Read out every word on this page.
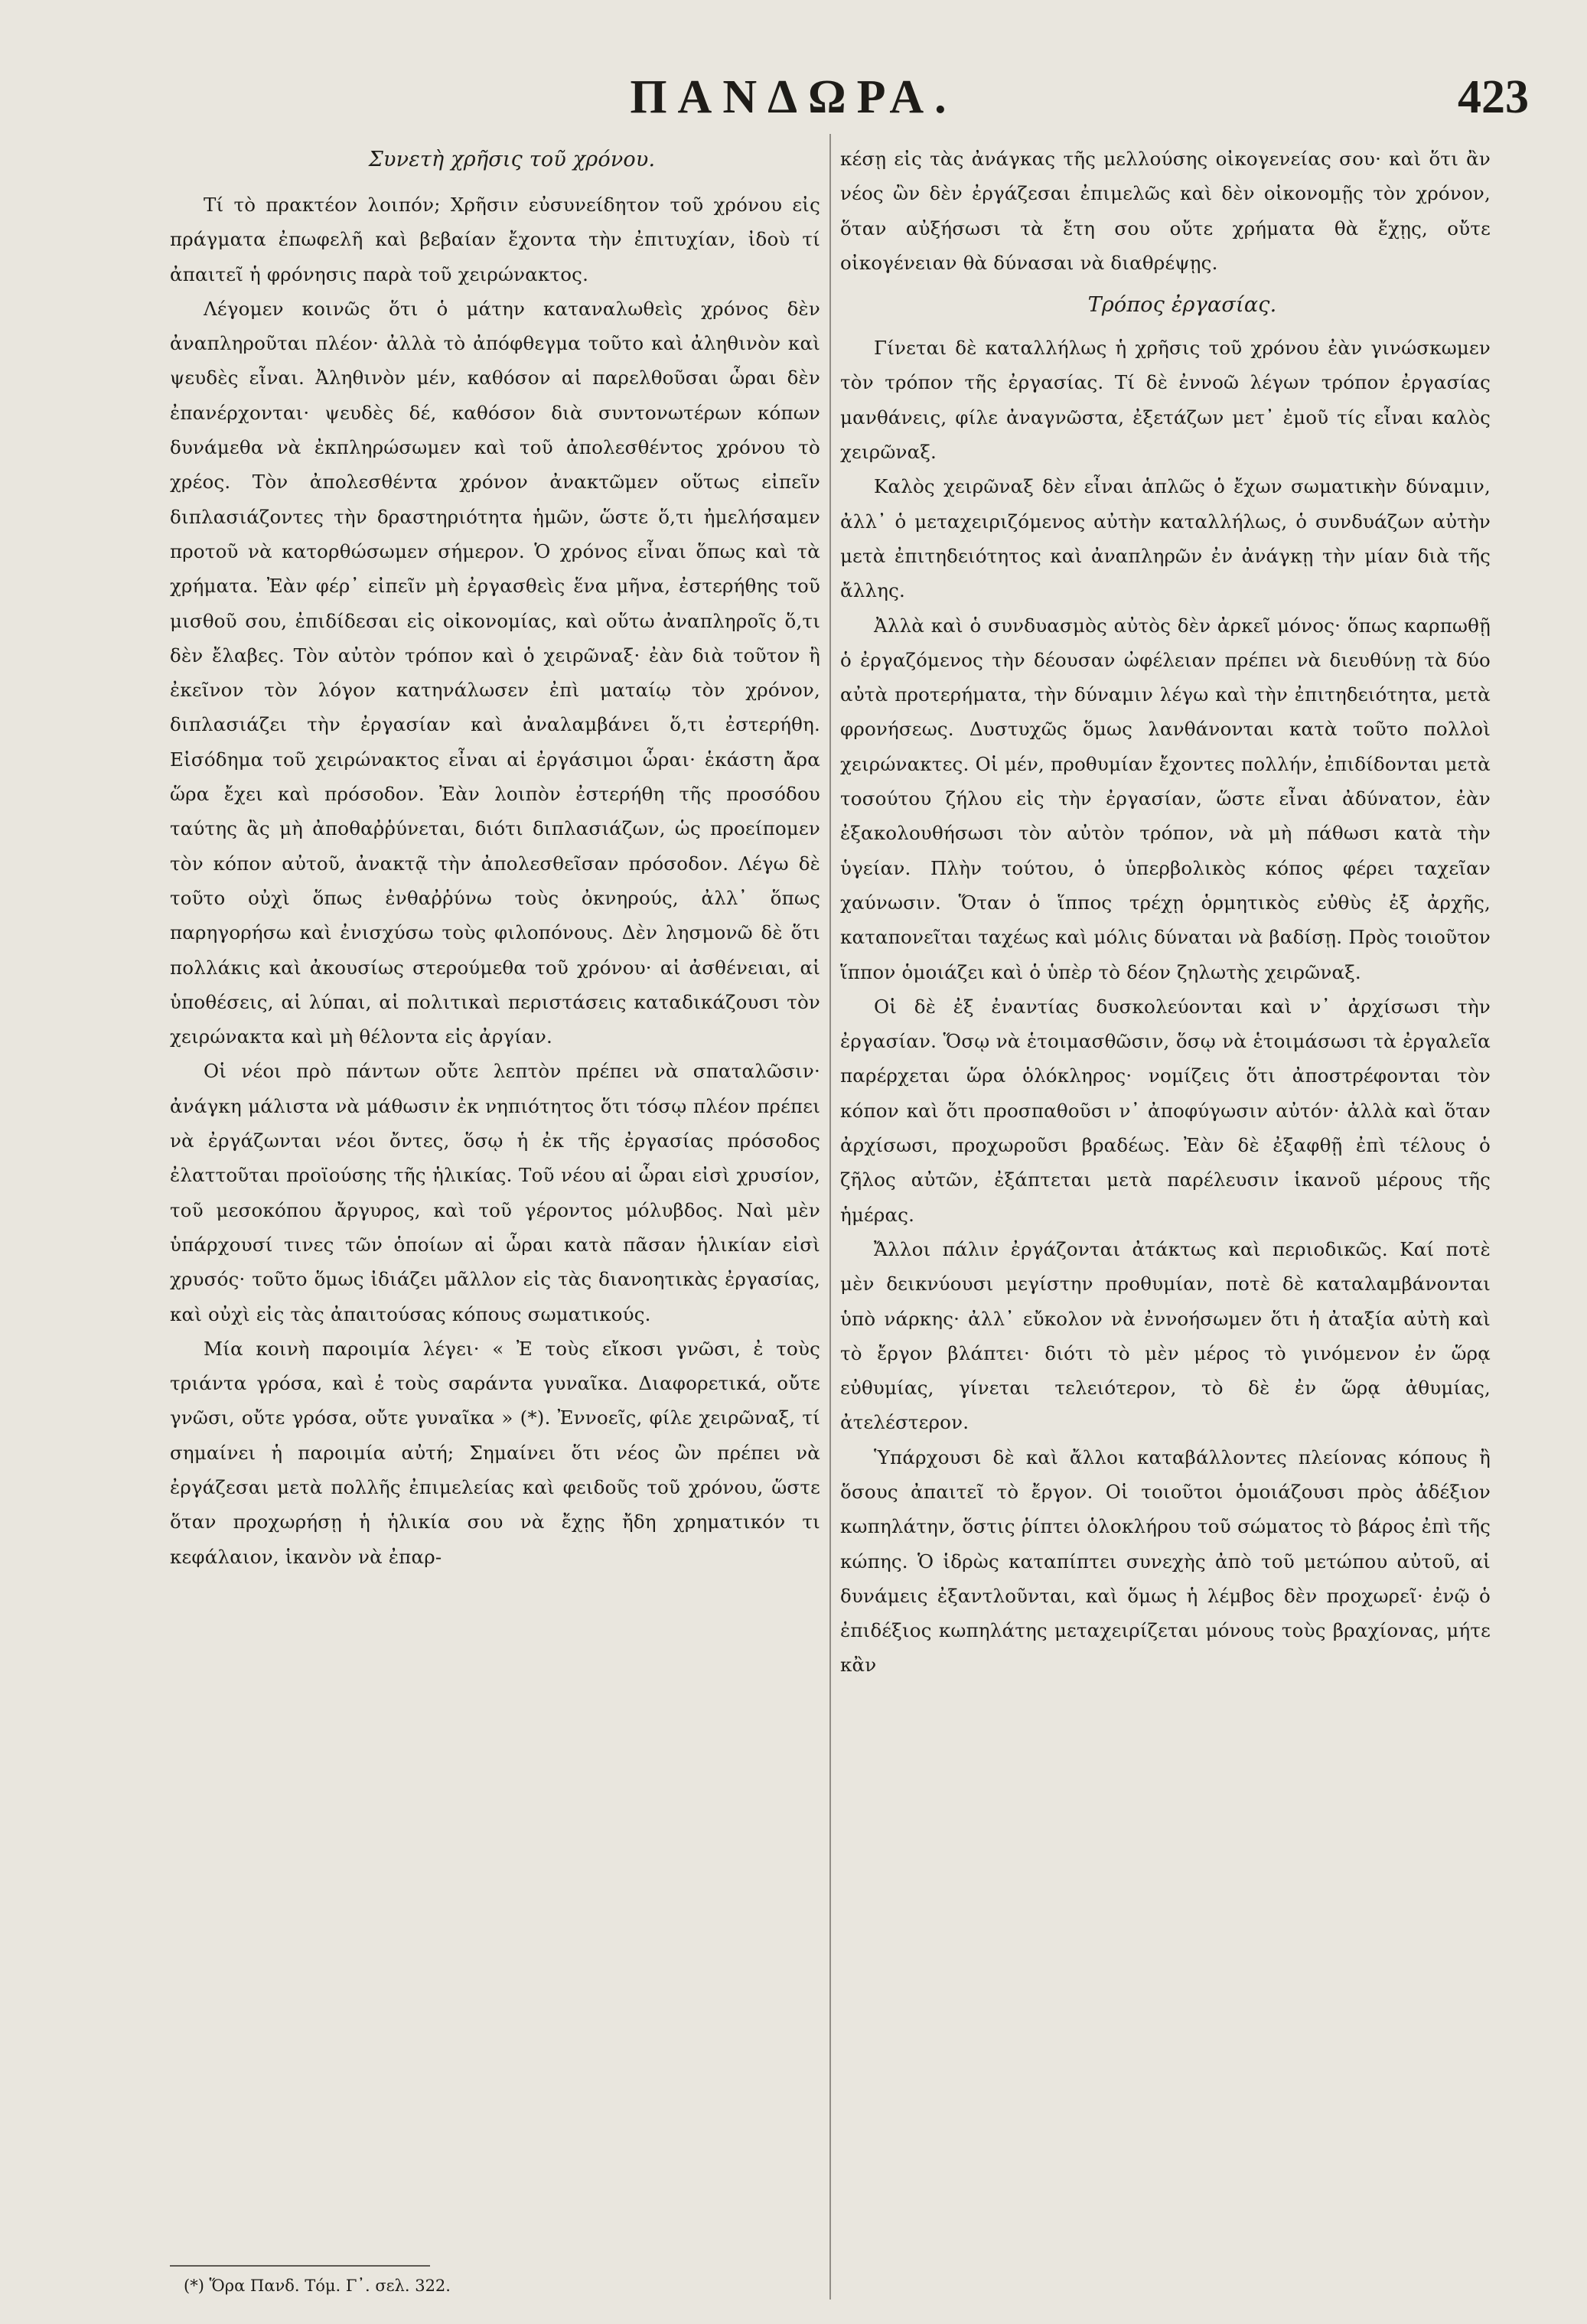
ΠΑΝΔΩΡΑ.	423

Συνετὴ χρῆσις τοῦ χρόνου.

Τί τὸ πρακτέον λοιπόν; Χρῆσιν εὐσυνείδητον τοῦ χρόνου εἰς πράγματα ἐπωφελῆ καὶ βεβαίαν ἔχοντα τὴν ἐπιτυχίαν, ἰδοὺ τί ἀπαιτεῖ ἡ φρόνησις παρὰ τοῦ χειρώνακτος.

Λέγομεν κοινῶς ὅτι ὁ μάτην καταναλωθεὶς χρόνος δὲν ἀναπληροῦται πλέον· ἀλλὰ τὸ ἀπόφθεγμα τοῦτο καὶ ἀληθινὸν καὶ ψευδὲς εἶναι. Ἀληθινὸν μέν, καθόσον αἱ παρελθοῦσαι ὧραι δὲν ἐπανέρχονται· ψευδὲς δέ, καθόσον διὰ συντονωτέρων κόπων δυνάμεθα νὰ ἐκπληρώσωμεν καὶ τοῦ ἀπολεσθέντος χρόνου τὸ χρέος. Τὸν ἀπολεσθέντα χρόνον ἀνακτῶμεν οὕτως εἰπεῖν διπλασιάζοντες τὴν δραστηριότητα ἡμῶν, ὥστε ὅ,τι ἠμελήσαμεν προτοῦ νὰ κατορθώσωμεν σήμερον. Ὁ χρόνος εἶναι ὅπως καὶ τὰ χρήματα. Ἐὰν φέρ᾽ εἰπεῖν μὴ ἐργασθεὶς ἕνα μῆνα, ἐστερήθης τοῦ μισθοῦ σου, ἐπιδίδεσαι εἰς οἰκονομίας, καὶ οὕτω ἀναπληροῖς ὅ,τι δὲν ἔλαβες. Τὸν αὐτὸν τρόπον καὶ ὁ χειρῶναξ· ἐὰν διὰ τοῦτον ἢ ἐκεῖνον τὸν λόγον κατηνάλωσεν ἐπὶ ματαίῳ τὸν χρόνον, διπλασιάζει τὴν ἐργασίαν καὶ ἀναλαμβάνει ὅ,τι ἐστερήθη. Εἰσόδημα τοῦ χειρώνακτος εἶναι αἱ ἐργάσιμοι ὧραι· ἑκάστη ἄρα ὥρα ἔχει καὶ πρόσοδον. Ἐὰν λοιπὸν ἐστερήθη τῆς προσόδου ταύτης ἂς μὴ ἀποθαῤῥύνεται, διότι διπλασιάζων, ὡς προείπομεν τὸν κόπον αὐτοῦ, ἀνακτᾷ τὴν ἀπολεσθεῖσαν πρόσοδον. Λέγω δὲ τοῦτο οὐχὶ ὅπως ἐνθαῤῥύνω τοὺς ὀκνηρούς, ἀλλ᾽ ὅπως παρηγορήσω καὶ ἐνισχύσω τοὺς φιλοπόνους. Δὲν λησμονῶ δὲ ὅτι πολλάκις καὶ ἀκουσίως στερούμεθα τοῦ χρόνου· αἱ ἀσθένειαι, αἱ ὑποθέσεις, αἱ λύπαι, αἱ πολιτικαὶ περιστάσεις καταδικάζουσι τὸν χειρώνακτα καὶ μὴ θέλοντα εἰς ἀργίαν.

Οἱ νέοι πρὸ πάντων οὔτε λεπτὸν πρέπει νὰ σπαταλῶσιν· ἀνάγκη μάλιστα νὰ μάθωσιν ἐκ νηπιότητος ὅτι τόσῳ πλέον πρέπει νὰ ἐργάζωνται νέοι ὄντες, ὅσῳ ἡ ἐκ τῆς ἐργασίας πρόσοδος ἐλαττοῦται προϊούσης τῆς ἡλικίας. Τοῦ νέου αἱ ὧραι εἰσὶ χρυσίον, τοῦ μεσοκόπου ἄργυρος, καὶ τοῦ γέροντος μόλυβδος. Ναὶ μὲν ὑπάρχουσί τινες τῶν ὁποίων αἱ ὧραι κατὰ πᾶσαν ἡλικίαν εἰσὶ χρυσός· τοῦτο ὅμως ἰδιάζει μᾶλλον εἰς τὰς διανοητικὰς ἐργασίας, καὶ οὐχὶ εἰς τὰς ἀπαιτούσας κόπους σωματικούς.

Μία κοινὴ παροιμία λέγει· « Ἐ τοὺς εἴκοσι γνῶσι, ἐ τοὺς τριάντα γρόσα, καὶ ἐ τοὺς σαράντα γυναῖκα. Διαφορετικά, οὔτε γνῶσι, οὔτε γρόσα, οὔτε γυναῖκα » (*). Ἐννοεῖς, φίλε χειρῶναξ, τί σημαίνει ἡ παροιμία αὐτή; Σημαίνει ὅτι νέος ὢν πρέπει νὰ ἐργάζεσαι μετὰ πολλῆς ἐπιμελείας καὶ φειδοῦς τοῦ χρόνου, ὥστε ὅταν προχωρήσῃ ἡ ἡλικία σου νὰ ἔχῃς ἤδη χρηματικόν τι κεφάλαιον, ἱκανὸν νὰ ἐπαρ-

(*) Ὅρα Πανδ. Τόμ. Γ᾽. σελ. 322.

κέσῃ εἰς τὰς ἀνάγκας τῆς μελλούσης οἰκογενείας σου· καὶ ὅτι ἂν νέος ὢν δὲν ἐργάζεσαι ἐπιμελῶς καὶ δὲν οἰκονομῇς τὸν χρόνον, ὅταν αὐξήσωσι τὰ ἔτη σου οὔτε χρήματα θὰ ἔχῃς, οὔτε οἰκογένειαν θὰ δύνασαι νὰ διαθρέψῃς.

Τρόπος ἐργασίας.

Γίνεται δὲ καταλλήλως ἡ χρῆσις τοῦ χρόνου ἐὰν γινώσκωμεν τὸν τρόπον τῆς ἐργασίας. Τί δὲ ἐννοῶ λέγων τρόπον ἐργασίας μανθάνεις, φίλε ἀναγνῶστα, ἐξετάζων μετ᾽ ἐμοῦ τίς εἶναι καλὸς χειρῶναξ.

Καλὸς χειρῶναξ δὲν εἶναι ἁπλῶς ὁ ἔχων σωματικὴν δύναμιν, ἀλλ᾽ ὁ μεταχειριζόμενος αὐτὴν καταλλήλως, ὁ συνδυάζων αὐτὴν μετὰ ἐπιτηδειότητος καὶ ἀναπληρῶν ἐν ἀνάγκῃ τὴν μίαν διὰ τῆς ἄλλης.

Ἀλλὰ καὶ ὁ συνδυασμὸς αὐτὸς δὲν ἀρκεῖ μόνος· ὅπως καρπωθῇ ὁ ἐργαζόμενος τὴν δέουσαν ὠφέλειαν πρέπει νὰ διευθύνῃ τὰ δύο αὐτὰ προτερήματα, τὴν δύναμιν λέγω καὶ τὴν ἐπιτηδειότητα, μετὰ φρονήσεως. Δυστυχῶς ὅμως λανθάνονται κατὰ τοῦτο πολλοὶ χειρώνακτες. Οἱ μέν, προθυμίαν ἔχοντες πολλήν, ἐπιδίδονται μετὰ τοσούτου ζήλου εἰς τὴν ἐργασίαν, ὥστε εἶναι ἀδύνατον, ἐὰν ἐξακολουθήσωσι τὸν αὐτὸν τρόπον, νὰ μὴ πάθωσι κατὰ τὴν ὑγείαν. Πλὴν τούτου, ὁ ὑπερβολικὸς κόπος φέρει ταχεῖαν χαύνωσιν. Ὅταν ὁ ἵππος τρέχῃ ὁρμητικὸς εὐθὺς ἐξ ἀρχῆς, καταπονεῖται ταχέως καὶ μόλις δύναται νὰ βαδίσῃ. Πρὸς τοιοῦτον ἵππον ὁμοιάζει καὶ ὁ ὑπὲρ τὸ δέον ζηλωτὴς χειρῶναξ.

Οἱ δὲ ἐξ ἐναντίας δυσκολεύονται καὶ ν᾽ ἀρχίσωσι τὴν ἐργασίαν. Ὅσῳ νὰ ἑτοιμασθῶσιν, ὅσῳ νὰ ἑτοιμάσωσι τὰ ἐργαλεῖα παρέρχεται ὥρα ὁλόκληρος· νομίζεις ὅτι ἀποστρέφονται τὸν κόπον καὶ ὅτι προσπαθοῦσι ν᾽ ἀποφύγωσιν αὐτόν· ἀλλὰ καὶ ὅταν ἀρχίσωσι, προχωροῦσι βραδέως. Ἐὰν δὲ ἐξαφθῇ ἐπὶ τέλους ὁ ζῆλος αὐτῶν, ἐξάπτεται μετὰ παρέλευσιν ἱκανοῦ μέρους τῆς ἡμέρας.

Ἄλλοι πάλιν ἐργάζονται ἀτάκτως καὶ περιοδικῶς. Καί ποτὲ μὲν δεικνύουσι μεγίστην προθυμίαν, ποτὲ δὲ καταλαμβάνονται ὑπὸ νάρκης· ἀλλ᾽ εὔκολον νὰ ἐννοήσωμεν ὅτι ἡ ἀταξία αὐτὴ καὶ τὸ ἔργον βλάπτει· διότι τὸ μὲν μέρος τὸ γινόμενον ἐν ὥρᾳ εὐθυμίας, γίνεται τελειότερον, τὸ δὲ ἐν ὥρᾳ ἀθυμίας, ἀτελέστερον.

Ὑπάρχουσι δὲ καὶ ἄλλοι καταβάλλοντες πλείονας κόπους ἢ ὅσους ἀπαιτεῖ τὸ ἔργον. Οἱ τοιοῦτοι ὁμοιάζουσι πρὸς ἀδέξιον κωπηλάτην, ὅστις ῥίπτει ὁλοκλήρου τοῦ σώματος τὸ βάρος ἐπὶ τῆς κώπης. Ὁ ἱδρὼς καταπίπτει συνεχὴς ἀπὸ τοῦ μετώπου αὐτοῦ, αἱ δυνάμεις ἐξαντλοῦνται, καὶ ὅμως ἡ λέμβος δὲν προχωρεῖ· ἐνῷ ὁ ἐπιδέξιος κωπηλάτης μεταχειρίζεται μόνους τοὺς βραχίονας, μήτε κἂν
